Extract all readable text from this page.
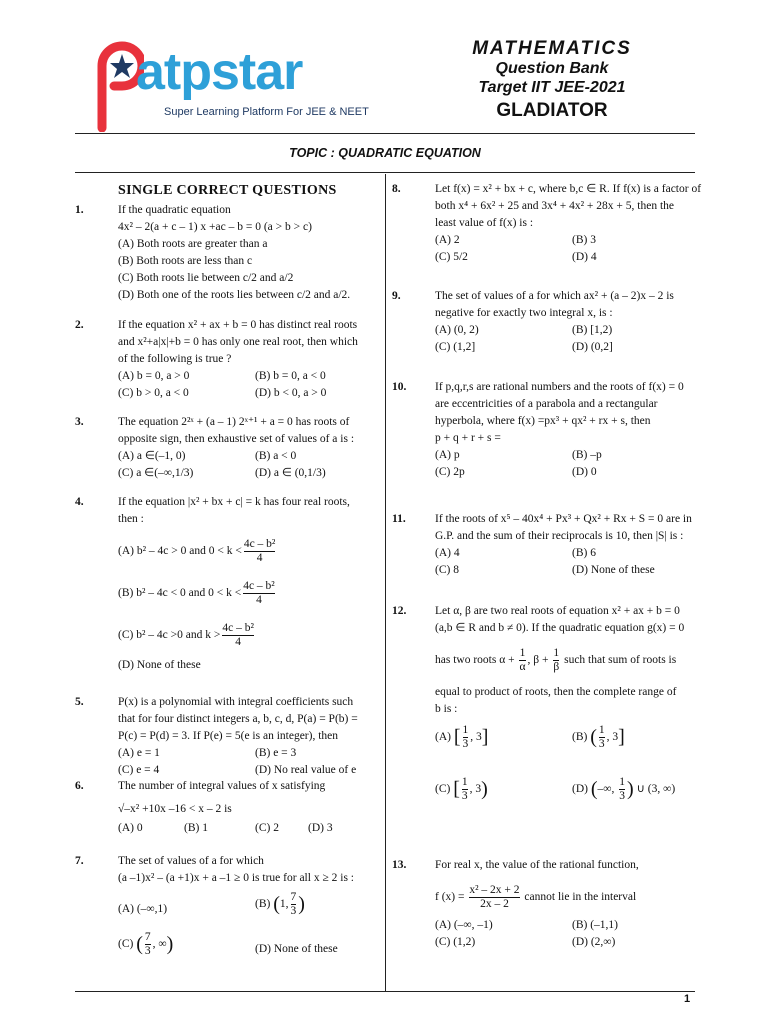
atpstar
Super Learning Platform For JEE & NEET
MATHEMATICS
Question Bank
Target IIT JEE-2021
GLADIATOR
TOPIC : QUADRATIC EQUATION
SINGLE CORRECT QUESTIONS
1.	If the quadratic equation
4x² – 2(a + c – 1) x +ac – b = 0 (a > b > c)
(A) Both roots are greater than a
(B) Both roots are less than c
(C) Both roots lie between c/2 and a/2
(D) Both one of the roots lies between c/2 and a/2.
2.	If the equation x² + ax + b = 0 has distinct real roots
and x²+a|x|+b = 0 has only one real root, then which
of the following is true ?
(A) b = 0, a > 0	(B) b = 0, a < 0
(C) b > 0, a < 0	(D) b < 0, a > 0
3.	The equation 2²ˣ + (a – 1) 2ˣ⁺¹ + a = 0 has roots of
opposite sign, then exhaustive set of values of a is :
(A) a ∈(–1, 0)	(B) a < 0
(C) a ∈(–∞,1/3)	(D) a ∈ (0,1/3)
4.	If the equation |x² + bx + c| = k has four real roots,
then :
(A) b² – 4c > 0 and $0 < k < \frac{\text{4c – b²}}{4}$
(B) b² – 4c < 0 and $0 < k < \frac{\text{4c – b²}}{4}$
(C) b² – 4c >0 and $k > \frac{\text{4c – b²}}{4}$
(D) None of these
5.	P(x) is a polynomial with integral coefficients such
that for four distinct integers a, b, c, d, P(a) = P(b) =
P(c) = P(d) = 3. If P(e) = 5(e is an integer), then
(A) e = 1	(B) e = 3
(C) e = 4	(D) No real value of e
6.	The number of integral values of x satisfying
√–x² +10x –16 < x – 2 is
(A) 0	(B) 1	(C) 2	(D) 3
7.	The set of values of a for which
(a –1)x² – (a +1)x + a –1 ≥ 0 is true for all x ≥ 2 is :
(A) (–∞,1)	(B) (1, $\frac{7}{3}$ )
(C) ( $\frac{7}{3}$ , ∞)	(D) None of these
8.	Let f(x) = x² + bx + c, where b,c ∈ R. If f(x) is a factor of
both x⁴ + 6x² + 25 and 3x⁴ + 4x² + 28x + 5, then the
least value of f(x) is :
(A) 2	(B) 3
(C) 5/2	(D) 4
9.	The set of values of a for which ax² + (a – 2)x – 2 is
negative for exactly two integral x, is :
(A) (0, 2)	(B) [1,2)
(C) (1,2]	(D) (0,2]
10. If p,q,r,s are rational numbers and the roots of f(x) = 0
are eccentricities of a parabola and a rectangular
hyperbola, where f(x) =px³ + qx² + rx + s, then
p + q + r + s =
(A) p	(B) –p
(C) 2p	(D) 0
11.	If the roots of x⁵ – 40x⁴ + Px³ + Qx² + Rx + S = 0 are in
G.P. and the sum of their reciprocals is 10, then |S| is :
(A) 4	(B) 6
(C) 8	(D) None of these
12. Let α, β are two real roots of equation x² + ax + b = 0
(a,b ∈ R and b ≠ 0). If the quadratic equation g(x) = 0
has two roots $\alpha + \frac{1}{\alpha}$ , $\beta + \frac{1}{\beta}$ such that sum of roots is
equal to product of roots, then the complete range of
b is :
(A) [ $\frac{1}{3}$ , 3]	(B) ( $\frac{1}{3}$ , 3]
(C) [ $\frac{1}{3}$ , 3)	(D) (–∞, $\frac{1}{3}$ ) ∪ (3, ∞)
13. For real x, the value of the rational function,
f $(x) = \frac{\text{x² – 2x + 2}}{2x - 2}$ cannot lie in the interval
(A) (–∞, –1)	(B) (–1,1)
(C) (1,2)	(D) (2,∞)
1
